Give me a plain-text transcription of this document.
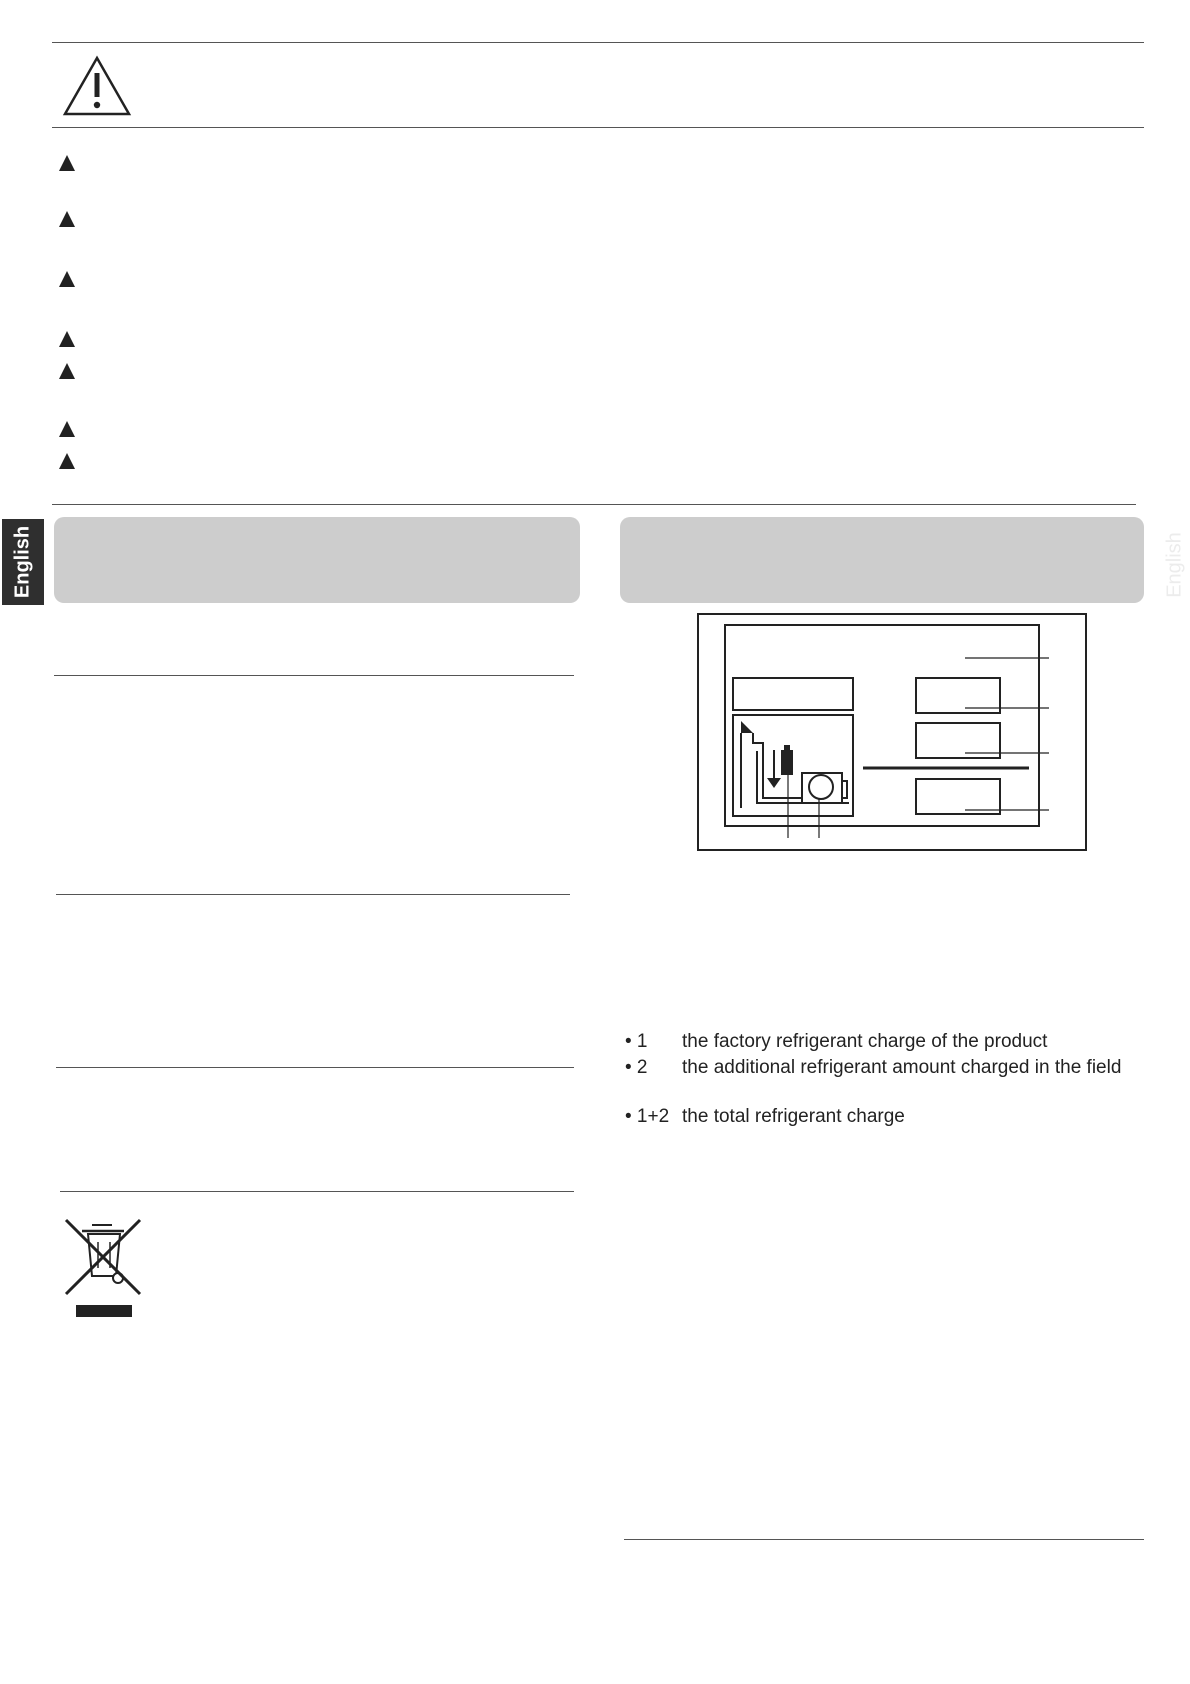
English	English
• 1 the factory refrigerant charge of the product
• 2 the additional refrigerant amount charged in the field
• 1+2 the total refrigerant charge
